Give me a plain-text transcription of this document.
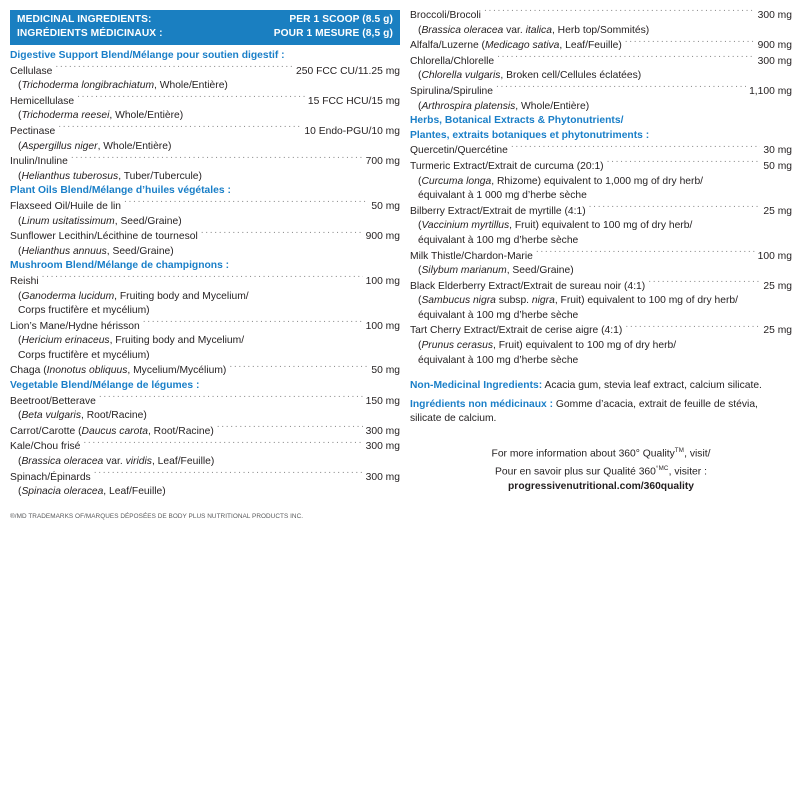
MEDICINAL INGREDIENTS:	PER 1 SCOOP (8.5 g)
INGRÉDIENTS MÉDICINAUX :	POUR 1 MESURE (8,5 g)
Digestive Support Blend/Mélange pour soutien digestif :
Cellulase .....	250 FCC CU/11.25 mg
(Trichoderma longibrachiatum, Whole/Entière)
Hemicellulase .....	15 FCC HCU/15 mg
(Trichoderma reesei, Whole/Entière)
Pectinase .....	10 Endo-PGU/10 mg
(Aspergillus niger, Whole/Entière)
Inulin/Inuline .....	700 mg
(Helianthus tuberosus, Tuber/Tubercule)
Plant Oils Blend/Mélange d’huiles végétales :
Flaxseed Oil/Huile de lin .....	50 mg
(Linum usitatissimum, Seed/Graine)
Sunflower Lecithin/Lécithine de tournesol .....	900 mg
(Helianthus annuus, Seed/Graine)
Mushroom Blend/Mélange de champignons :
Reishi .....	100 mg
(Ganoderma lucidum, Fruiting body and Mycelium/
Corps fructifère et mycélium)
Lion’s Mane/Hydne hérisson .....	100 mg
(Hericium erinaceus, Fruiting body and Mycelium/
Corps fructifère et mycélium)
Chaga (Inonotus obliquus, Mycelium/Mycélium) .....	50 mg
Vegetable Blend/Mélange de légumes :
Beetroot/Betterave .....	150 mg
(Beta vulgaris, Root/Racine)
Carrot/Carotte (Daucus carota, Root/Racine) .....	300 mg
Kale/Chou frisé .....	300 mg
(Brassica oleracea var. viridis, Leaf/Feuille)
Spinach/Épinards .....	300 mg
(Spinacia oleracea, Leaf/Feuille)
®/MD TRADEMARKS OF/MARQUES DÉPOSÉES DE BODY PLUS NUTRITIONAL PRODUCTS INC.
Broccoli/Brocoli .....	300 mg
(Brassica oleracea var. italica, Herb top/Sommités)
Alfalfa/Luzerne (Medicago sativa, Leaf/Feuille) .....	900 mg
Chlorella/Chlorelle .....	300 mg
(Chlorella vulgaris, Broken cell/Cellules éclatées)
Spirulina/Spiruline .....	1,100 mg
(Arthrospira platensis, Whole/Entière)
Herbs, Botanical Extracts & Phytonutrients/
Plantes, extraits botaniques et phytonutriments :
Quercetin/Quercétine .....	30 mg
Turmeric Extract/Extrait de curcuma (20:1) .....	50 mg
(Curcuma longa, Rhizome) equivalent to 1,000 mg of dry herb/
équivalant à 1 000 mg d’herbe sèche
Bilberry Extract/Extrait de myrtille (4:1) .....	25 mg
(Vaccinium myrtillus, Fruit) equivalent to 100 mg of dry herb/
équivalant à 100 mg d’herbe sèche
Milk Thistle/Chardon-Marie .....	100 mg
(Silybum marianum, Seed/Graine)
Black Elderberry Extract/Extrait de sureau noir (4:1) .....	25 mg
(Sambucus nigra subsp. nigra, Fruit) equivalent to 100 mg of dry herb/
équivalant à 100 mg d’herbe sèche
Tart Cherry Extract/Extrait de cerise aigre (4:1) .....	25 mg
(Prunus cerasus, Fruit) equivalent to 100 mg of dry herb/
équivalant à 100 mg d’herbe sèche

Non-Medicinal Ingredients: Acacia gum, stevia leaf extract, calcium silicate.

Ingrédients non médicinaux : Gomme d’acacia, extrait de feuille de stévia, silicate de calcium.

For more information about 360° Quality™, visit/
Pour en savoir plus sur Qualité $360^{^\circ MC}$, visiter :
progressivenutritional.com/360quality
